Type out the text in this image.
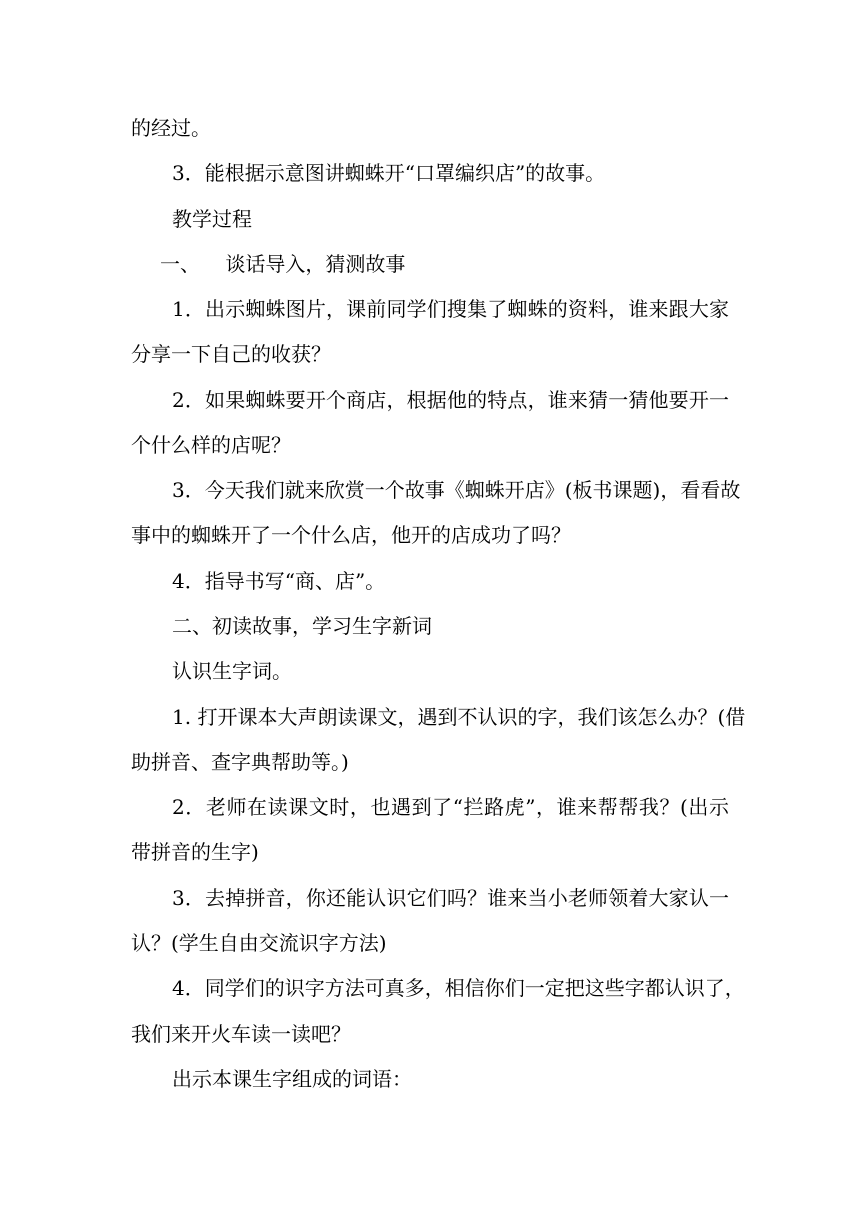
的经过。

3．能根据示意图讲蜘蛛开“口罩编织店”的故事。

教学过程

一、    谈话导入，猜测故事

1．出示蜘蛛图片，课前同学们搜集了蜘蛛的资料，谁来跟大家

分享一下自己的收获？

2．如果蜘蛛要开个商店，根据他的特点，谁来猜一猜他要开一

个什么样的店呢？

3．今天我们就来欣赏一个故事《蜘蛛开店》(板书课题)，看看故

事中的蜘蛛开了一个什么店，他开的店成功了吗？

4．指导书写“商、店”。

二、初读故事，学习生字新词

认识生字词。

1. 打开课本大声朗读课文，遇到不认识的字，我们该怎么办？(借

助拼音、查字典帮助等。)

2．老师在读课文时，也遇到了“拦路虎”，谁来帮帮我？(出示

带拼音的生字)

3．去掉拼音，你还能认识它们吗？谁来当小老师领着大家认一

认？(学生自由交流识字方法)

4．同学们的识字方法可真多，相信你们一定把这些字都认识了，

我们来开火车读一读吧？

出示本课生字组成的词语：
